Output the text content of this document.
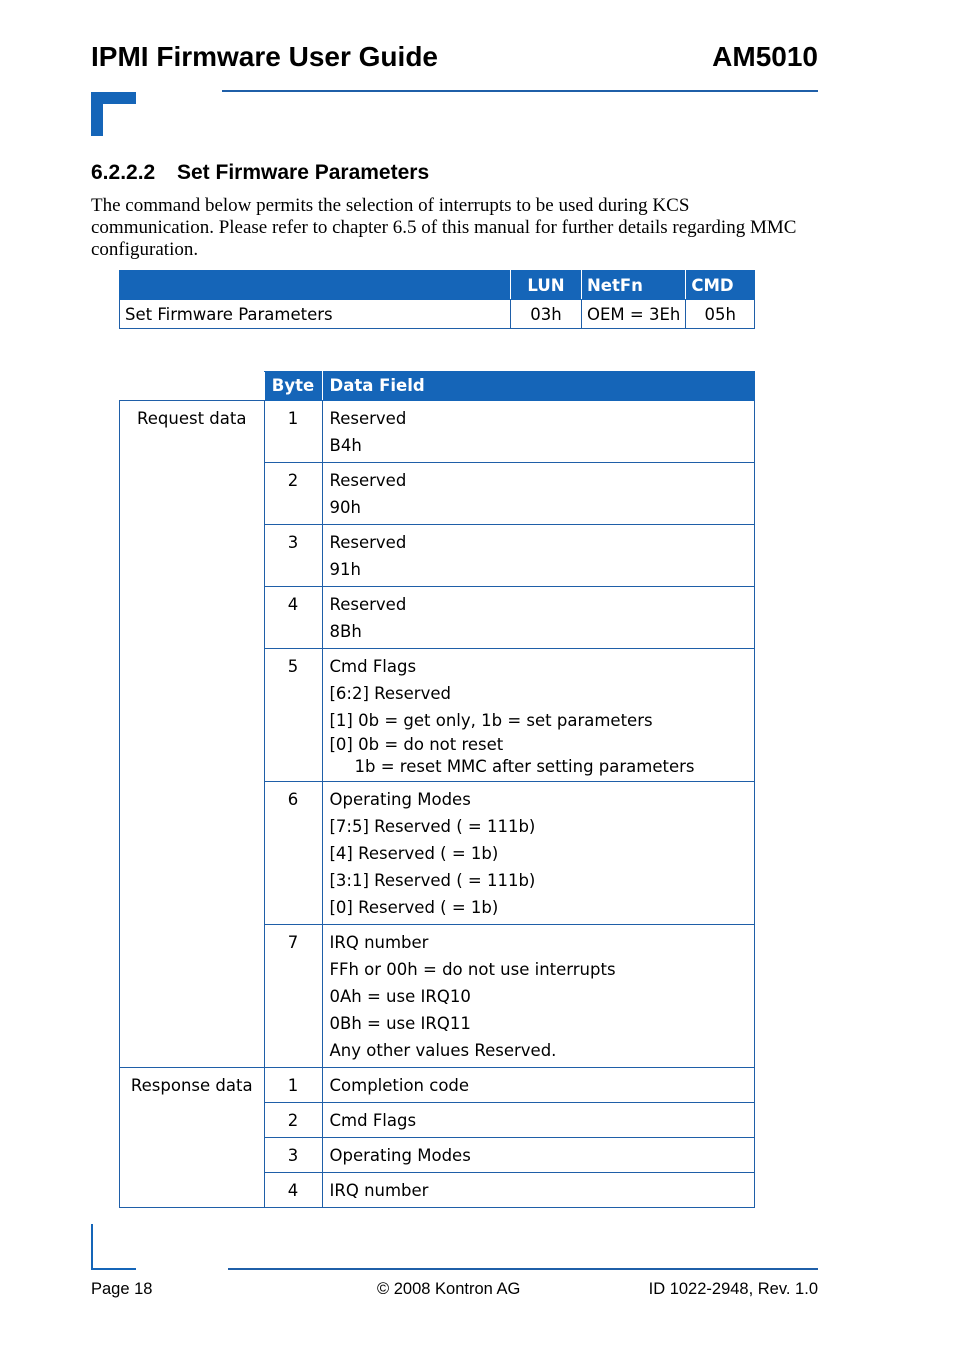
IPMI Firmware User Guide	AM5010
6.2.2.2 Set Firmware Parameters
The command below permits the selection of interrupts to be used during KCS
communication. Please refer to chapter 6.5 of this manual for further details regarding MMC
configuration.
	LUN	NetFn	CMD
Set Firmware Parameters	03h	OEM = 3Eh	05h
	Byte	Data Field
Request data	1	Reserved
B4h

	2	Reserved
90h

	3	Reserved
91h

	4	Reserved
8Bh

	5	Cmd Flags
[6:2] Reserved
[1] 0b = get only, 1b = set parameters
[0] 0b = do not reset
1b = reset MMC after setting parameters

	6	Operating Modes
[7:5] Reserved ( = 111b)
[4] Reserved ( = 1b)
[3:1] Reserved ( = 111b)
[0] Reserved ( = 1b)

	7	IRQ number
FFh or 00h = do not use interrupts
0Ah = use IRQ10
0Bh = use IRQ11
Any other values Reserved.

Response data	1	Completion code
	2	Cmd Flags
	3	Operating Modes
	4	IRQ number
Page 18	© 2008 Kontron AG	ID 1022-2948, Rev. 1.0
